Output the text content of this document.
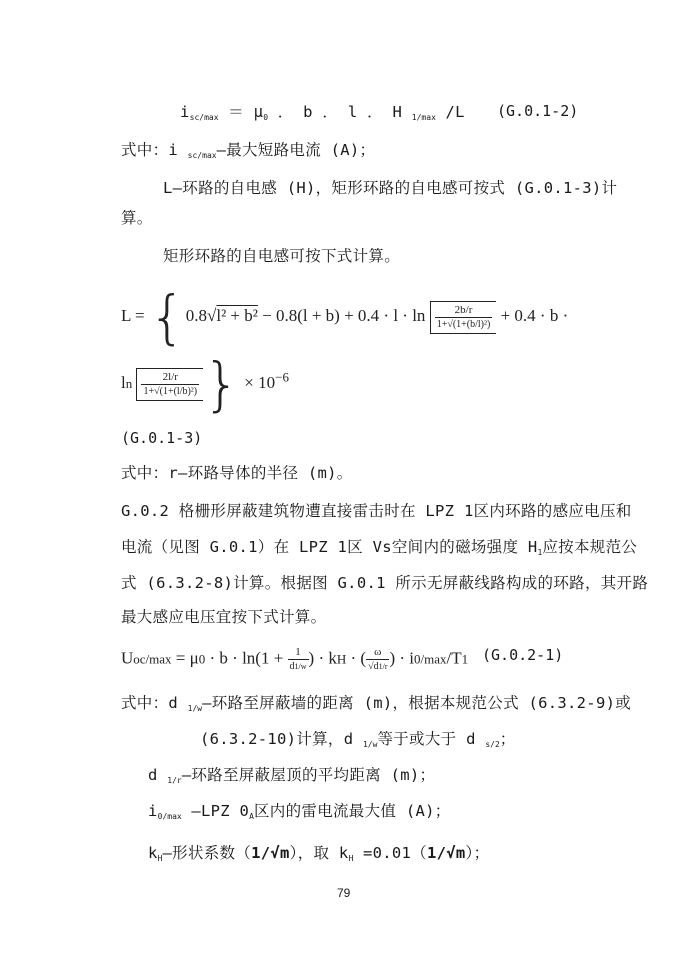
$i_{sc/max} = \mu_0$ ． b ． l ． H $_{1/max}$ /L (G.0.1-2)
式中：i $_{sc/max}$—最大短路电流 (A)；
L—环路的自电感 (H)，矩形环路的自电感可按式 (G.0.1-3)计
算。
矩形环路的自电感可按下式计算。
$L = \{0.8√l^2 + b^2 - 0.8(l + b) + 0.4 \cdot l \cdot \ln \frac{2b/r}{\text{1+√(1+(b/l)²)}} + 0.4 \cdot b$ ·
$\ln \frac{2l/r}{\text{1+√(1+(l/b)²)}}$ } × $10^{-6}$
(G.0.1-3)
式中：r—环路导体的半径 (m)。
G.0.2 格栅形屏蔽建筑物遭直接雷击时在 LPZ 1区内环路的感应电压和
电流（见图 G.0.1）在 LPZ 1区 Vs空间内的磁场强度 $H_1$应按本规范公
式 (6.3.2-8)计算。根据图 G.0.1 所示无屏蔽线路构成的环路，其开路
最大感应电压宜按下式计算。
$Uoc/\max = \mu 0 \cdot b \cdot \ln(1 + \frac{1}{d1/w}$ ) · kH · ( $\frac{\omega}{√d1/r}$ ) · i0/max/T1 (G.0.2-1)
式中：d $_{1/w}$—环路至屏蔽墙的距离 (m)，根据本规范公式 (6.3.2-9)或
(6.3.2-10)计算，d $_{1/w}$等于或大于 d $_{s/2}$；
d $_{1/r}$—环路至屏蔽屋顶的平均距离 (m)；
$i_{0/max}$ —LPZ $0_A$区内的雷电流最大值 (A)；
$k_H—$形状系数（1/√m），取 $k_H =0.01(1/√m)$；
79
